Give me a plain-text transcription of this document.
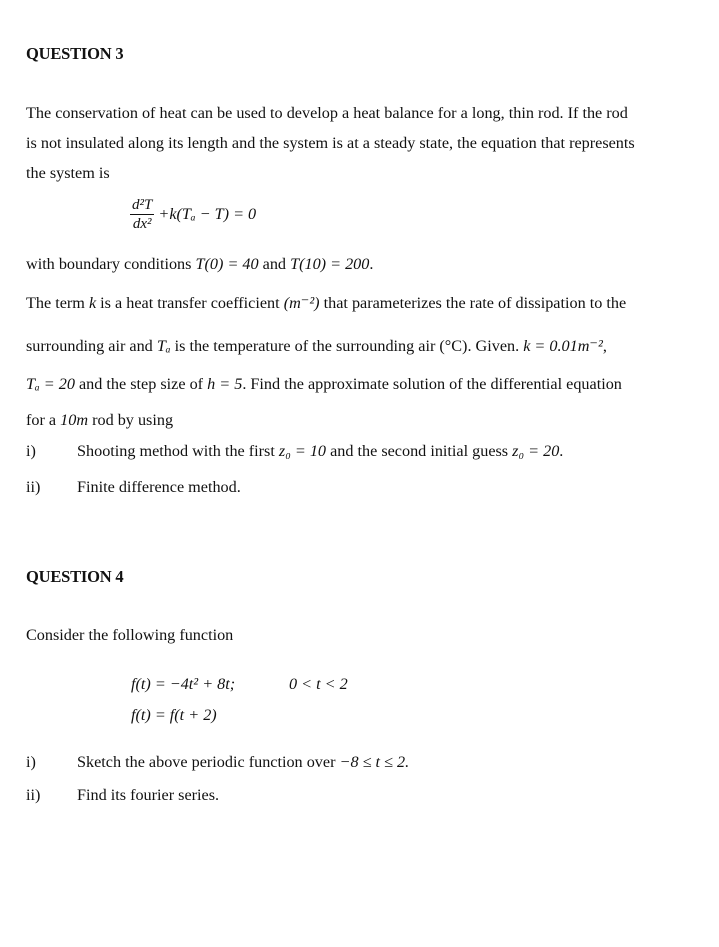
QUESTION 3
The conservation of heat can be used to develop a heat balance for a long, thin rod. If the rod
is not insulated along its length and the system is at a steady state, the equation that represents
the system is
$\frac{\text{d²T}}{\text{dx²}} +k(T_a - T) = 0$
with boundary conditions T(0) = 40 and T(10) = 200.
The term k is a heat transfer coefficient (m⁻²) that parameterizes the rate of dissipation to the
surrounding air and Tₐ is the temperature of the surrounding air (°C). Given. k = 0.01m⁻²,
Tₐ = 20 and the step size of h = 5. Find the approximate solution of the differential equation
for a 10m rod by using
i)	Shooting method with the first z₀ = 10 and the second initial guess z₀ = 20.
ii) Finite difference method.
QUESTION 4
Consider the following function
f(t) = −4t² + 8t;	0 < t < 2
f(t) = f(t + 2)
i)	Sketch the above periodic function over −8 ≤ t ≤ 2.
ii) Find its fourier series.
